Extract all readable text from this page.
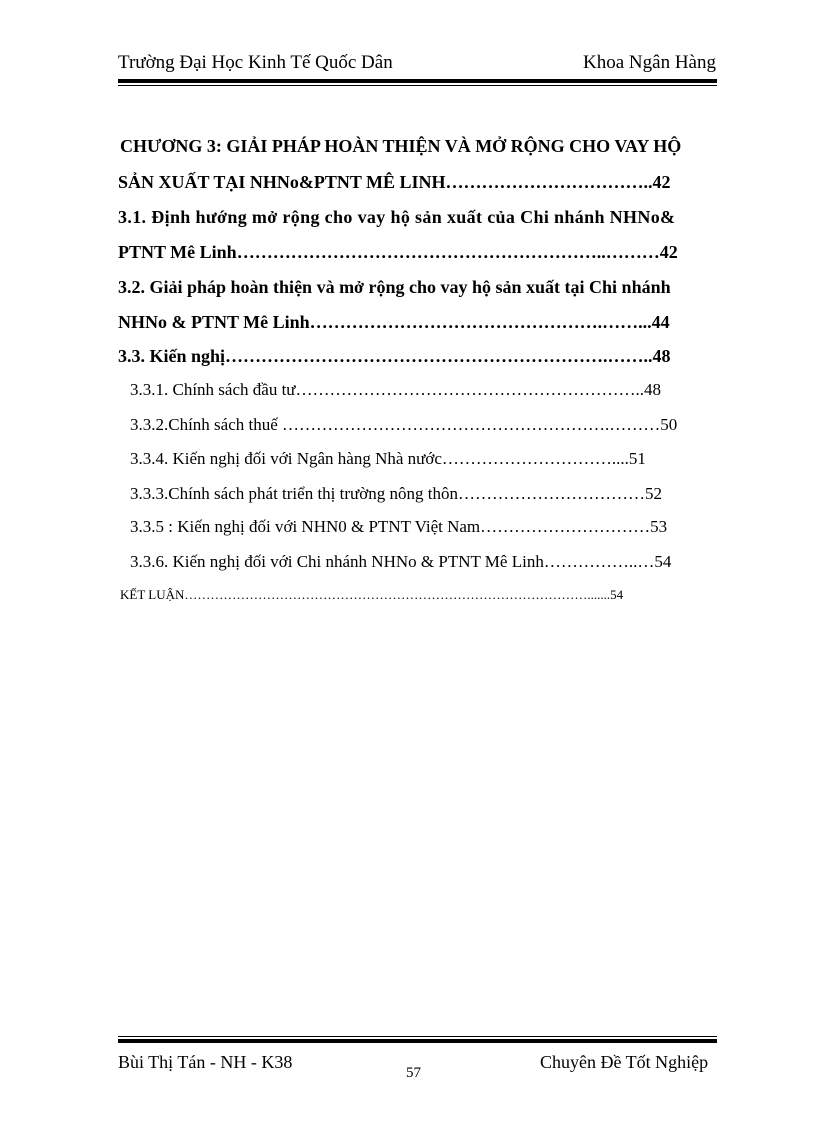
Trường Đại Học Kinh Tế Quốc Dân	Khoa Ngân Hàng
CHƯƠNG 3: GIẢI PHÁP HOÀN THIỆN VÀ MỞ RỘNG CHO VAY HỘ
SẢN XUẤT TẠI NHNo&PTNT MÊ LINH……………………………..42
3.1. Định hướng mở rộng cho vay hộ sản xuất của Chi nhánh NHNo&
PTNT Mê Linh……………………………………………………..………42
3.2. Giải pháp hoàn thiện và mở rộng cho vay hộ sản xuất tại Chi nhánh
NHNo & PTNT Mê Linh………………………………………….……...44
3.3. Kiến nghị……………………………………………………….……..48
3.3.1. Chính sách đầu tư……………………………………………………..48
3.3.2.Chính sách thuế ………………………………………………….………50
3.3.4. Kiến nghị đối với Ngân hàng Nhà nước…………………………....51
3.3.3.Chính sách phát triển thị trường nông thôn……………………………52
3.3.5 : Kiến nghị đối với NHN0 & PTNT Việt Nam…………………………53
3.3.6. Kiến nghị đối với Chi nhánh NHNo & PTNT Mê Linh……………..…54
KẾT LUẬN………………………………………………………………………………….......54
Bùi Thị Tán - NH - K38
57
Chuyên Đề Tốt Nghiệp
